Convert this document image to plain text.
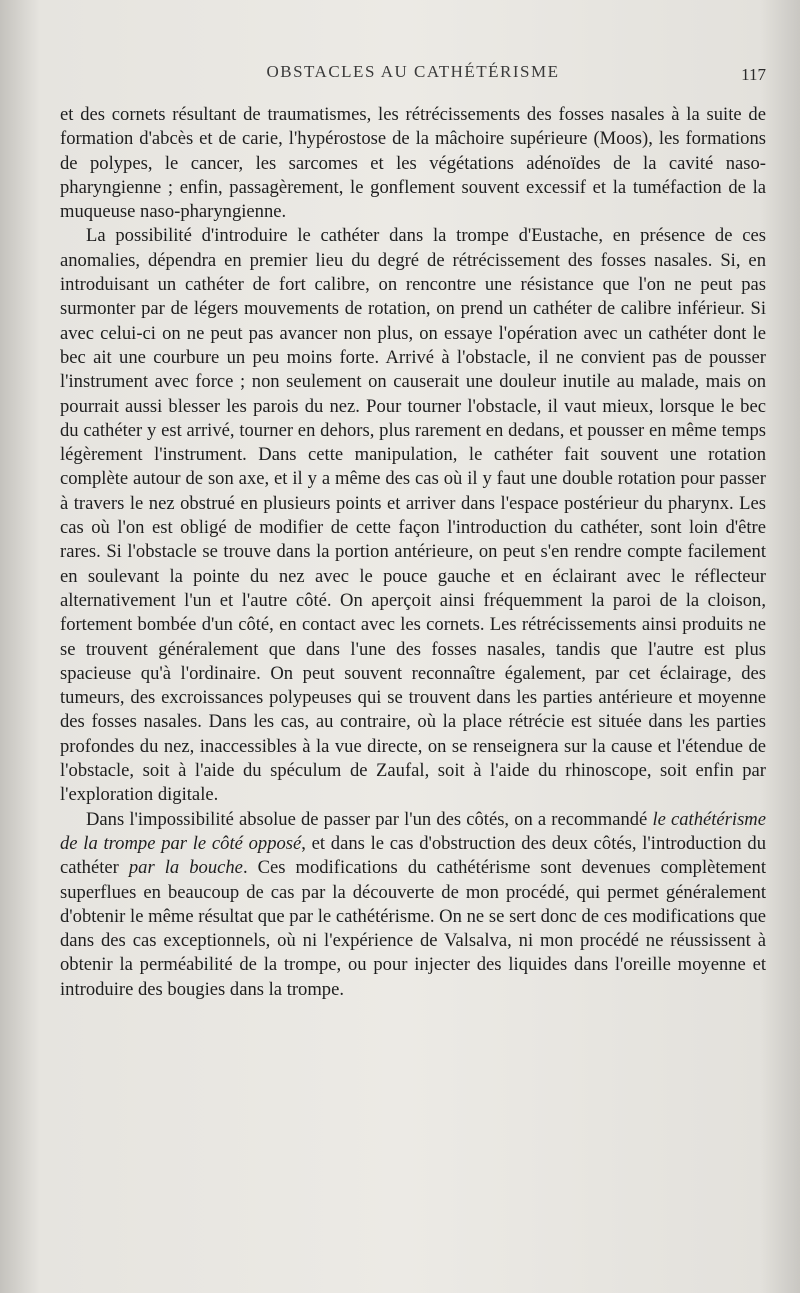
OBSTACLES AU CATHÉTÉRISME	117

et des cornets résultant de traumatismes, les rétrécissements des fosses nasales à la suite de formation d'abcès et de carie, l'hypérostose de la mâchoire supérieure (Moos), les formations de polypes, le cancer, les sarcomes et les végétations adénoïdes de la cavité naso-pharyngienne ; enfin, passagèrement, le gonflement souvent excessif et la tuméfaction de la muqueuse naso-pharyngienne.

La possibilité d'introduire le cathéter dans la trompe d'Eustache, en présence de ces anomalies, dépendra en premier lieu du degré de rétrécissement des fosses nasales. Si, en introduisant un cathéter de fort calibre, on rencontre une résistance que l'on ne peut pas surmonter par de légers mouvements de rotation, on prend un cathéter de calibre inférieur. Si avec celui-ci on ne peut pas avancer non plus, on essaye l'opération avec un cathéter dont le bec ait une courbure un peu moins forte. Arrivé à l'obstacle, il ne convient pas de pousser l'instrument avec force ; non seulement on causerait une douleur inutile au malade, mais on pourrait aussi blesser les parois du nez. Pour tourner l'obstacle, il vaut mieux, lorsque le bec du cathéter y est arrivé, tourner en dehors, plus rarement en dedans, et pousser en même temps légèrement l'instrument. Dans cette manipulation, le cathéter fait souvent une rotation complète autour de son axe, et il y a même des cas où il y faut une double rotation pour passer à travers le nez obstrué en plusieurs points et arriver dans l'espace postérieur du pharynx. Les cas où l'on est obligé de modifier de cette façon l'introduction du cathéter, sont loin d'être rares. Si l'obstacle se trouve dans la portion antérieure, on peut s'en rendre compte facilement en soulevant la pointe du nez avec le pouce gauche et en éclairant avec le réflecteur alternativement l'un et l'autre côté. On aperçoit ainsi fréquemment la paroi de la cloison, fortement bombée d'un côté, en contact avec les cornets. Les rétrécissements ainsi produits ne se trouvent généralement que dans l'une des fosses nasales, tandis que l'autre est plus spacieuse qu'à l'ordinaire. On peut souvent reconnaître également, par cet éclairage, des tumeurs, des excroissances polypeuses qui se trouvent dans les parties antérieure et moyenne des fosses nasales. Dans les cas, au contraire, où la place rétrécie est située dans les parties profondes du nez, inaccessibles à la vue directe, on se renseignera sur la cause et l'étendue de l'obstacle, soit à l'aide du spéculum de Zaufal, soit à l'aide du rhinoscope, soit enfin par l'exploration digitale.

Dans l'impossibilité absolue de passer par l'un des côtés, on a recommandé le cathétérisme de la trompe par le côté opposé, et dans le cas d'obstruction des deux côtés, l'introduction du cathéter par la bouche. Ces modifications du cathétérisme sont devenues complètement superflues en beaucoup de cas par la découverte de mon procédé, qui permet généralement d'obtenir le même résultat que par le cathétérisme. On ne se sert donc de ces modifications que dans des cas exceptionnels, où ni l'expérience de Valsalva, ni mon procédé ne réussissent à obtenir la perméabilité de la trompe, ou pour injecter des liquides dans l'oreille moyenne et introduire des bougies dans la trompe.
